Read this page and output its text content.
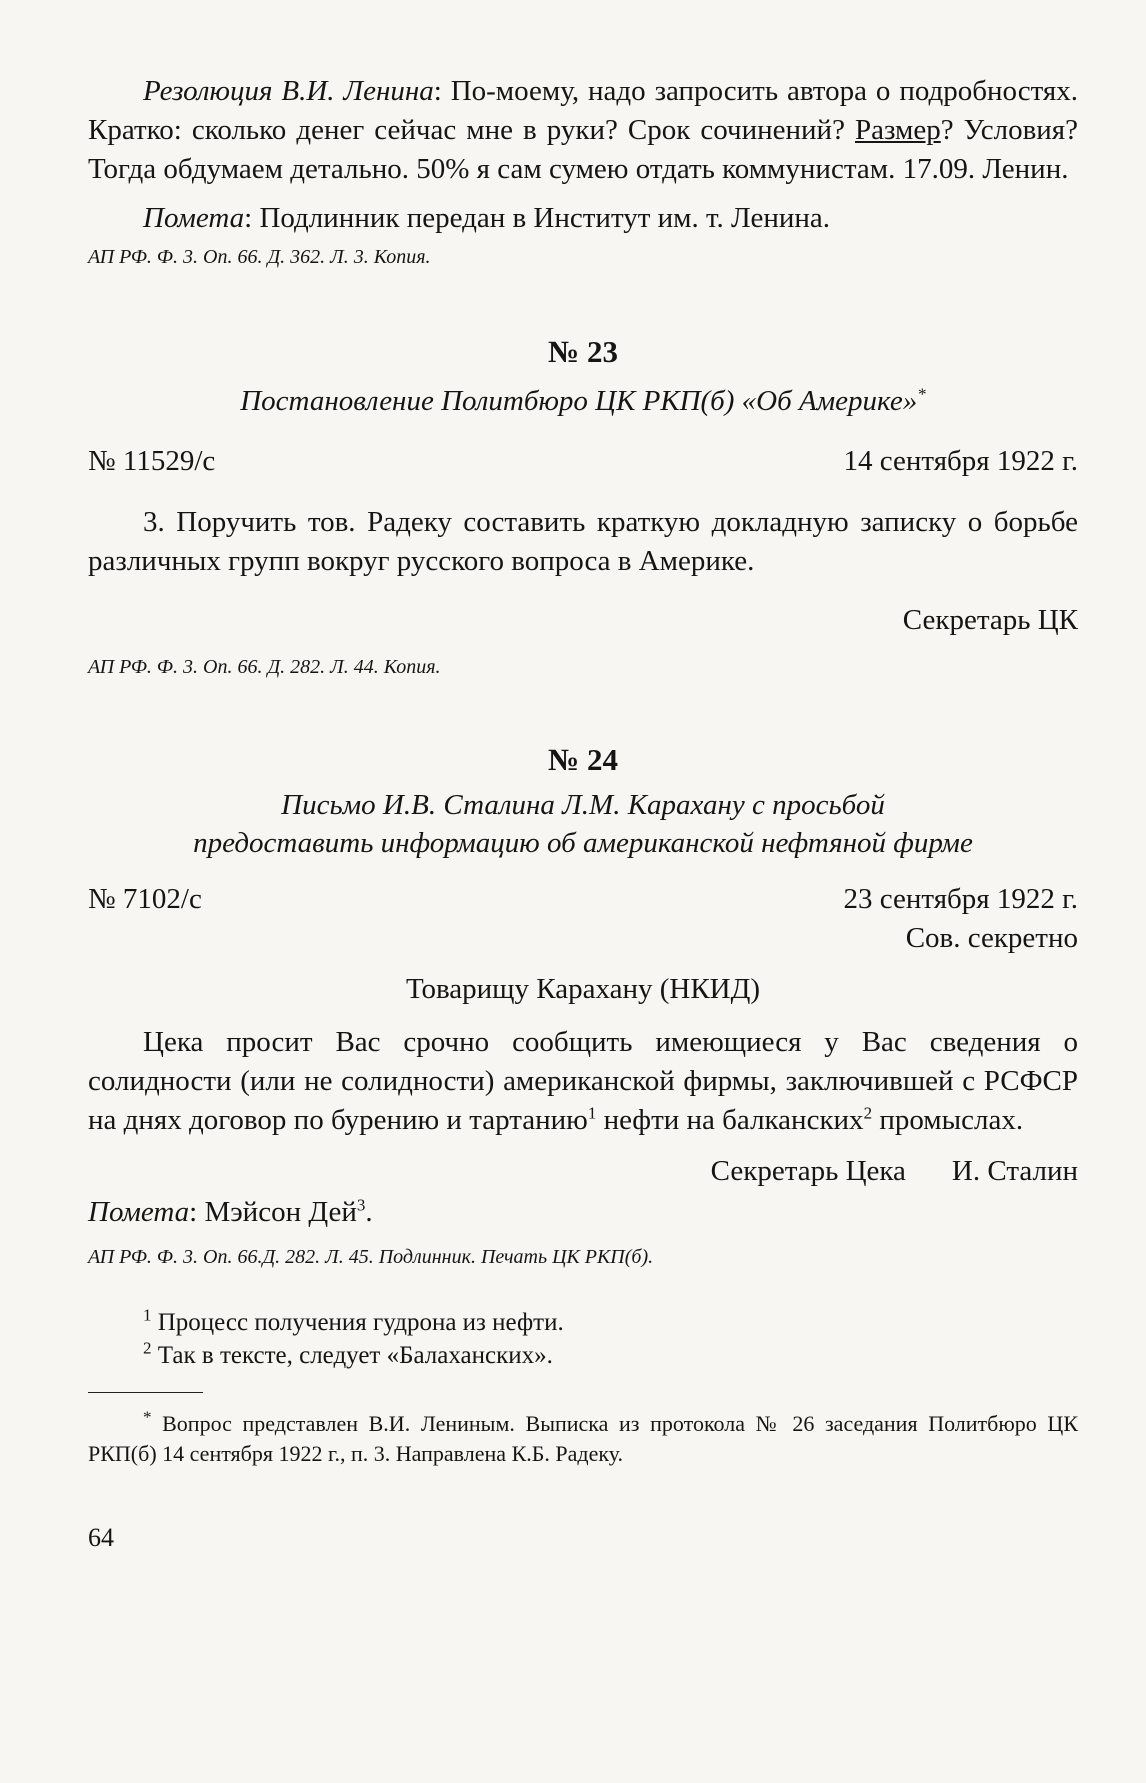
Резолюция В.И. Ленина: По-моему, надо запросить автора о подробностях. Кратко: сколько денег сейчас мне в руки? Срок сочинений? Размер? Условия? Тогда обдумаем детально. 50% я сам сумею отдать коммунистам. 17.09. Ленин.

Помета: Подлинник передан в Институт им. т. Ленина.

АП РФ. Ф. 3. Оп. 66. Д. 362. Л. 3. Копия.

№ 23

Постановление Политбюро ЦК РКП(б) «Об Америке»*

№ 11529/с	14 сентября 1922 г.

3. Поручить тов. Радеку составить краткую докладную записку о борьбе различных групп вокруг русского вопроса в Америке.

Секретарь ЦК

АП РФ. Ф. 3. Оп. 66. Д. 282. Л. 44. Копия.

№ 24

Письмо И.В. Сталина Л.М. Карахану с просьбой

предоставить информацию об американской нефтяной фирме

№ 7102/с	23 сентября 1922 г.

Сов. секретно

Товарищу Карахану (НКИД)

Цека просит Вас срочно сообщить имеющиеся у Вас сведения о солидности (или не солидности) американской фирмы, заключившей с РСФСР на днях договор по бурению и тартанию$^1$ нефти на балканских$^2$ промыслах.

Секретарь Цека И. Сталин

Помета: Мэйсон Дей$^3$.

АП РФ. Ф. 3. Оп. 66.Д. 282. Л. 45. Подлинник. Печать ЦК РКП(б).

$^1$ Процесс получения гудрона из нефти.

$^2$ Так в тексте, следует «Балаханских».

* Вопрос представлен В.И. Лениным. Выписка из протокола № 26 заседания Политбюро ЦК РКП(б) 14 сентября 1922 г., п. 3. Направлена К.Б. Радеку.

64
